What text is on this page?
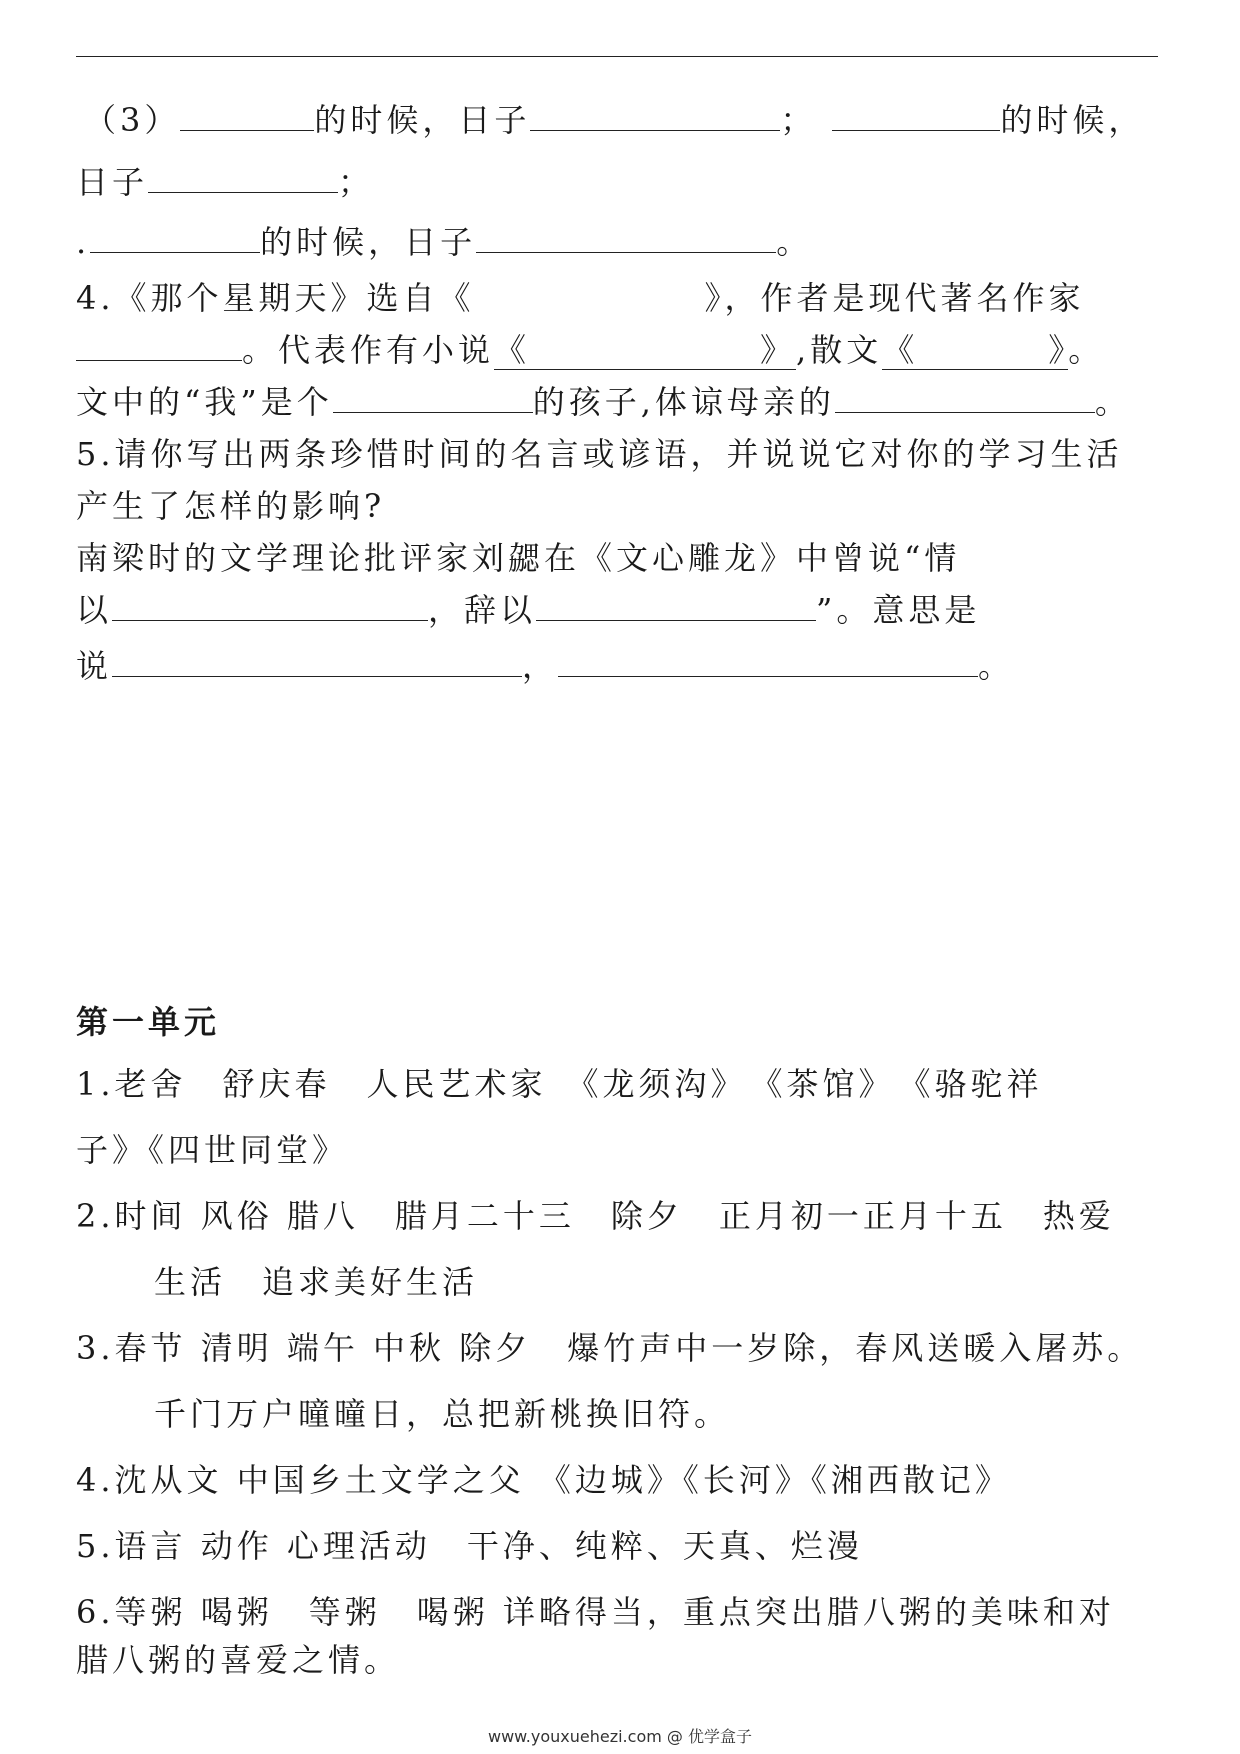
（3）	的时候，日子	；	的时候，
日子	；
.	的时候，日子	。
4.《那个星期天》选自《	》，作者是现代著名作家
。代表作有小说《	》,散文《	》。
文中的“我”是个	的孩子,体谅母亲的	。
5.请你写出两条珍惜时间的名言或谚语，并说说它对你的学习生活
产生了怎样的影响?
南梁时的文学理论批评家刘勰在《文心雕龙》中曾说“情
以	，辞以	”。意思是
说	，	。
第一单元
1.老舍　舒庆春　人民艺术家　《龙须沟》　《茶馆》　《骆驼祥
子》《四世同堂》
2.时间 风俗 腊八　腊月二十三　除夕　正月初一正月十五　热爱
生活　追求美好生活
3.春节 清明 端午 中秋 除夕　爆竹声中一岁除，春风送暖入屠苏。
千门万户曈曈日，总把新桃换旧符。
4.沈从文 中国乡土文学之父 《边城》《长河》《湘西散记》
5.语言 动作 心理活动　干净、纯粹、天真、烂漫
6.等粥 喝粥　等粥　喝粥 详略得当，重点突出腊八粥的美味和对
腊八粥的喜爱之情。
www.youxuehezi.com @ 优学盒子
